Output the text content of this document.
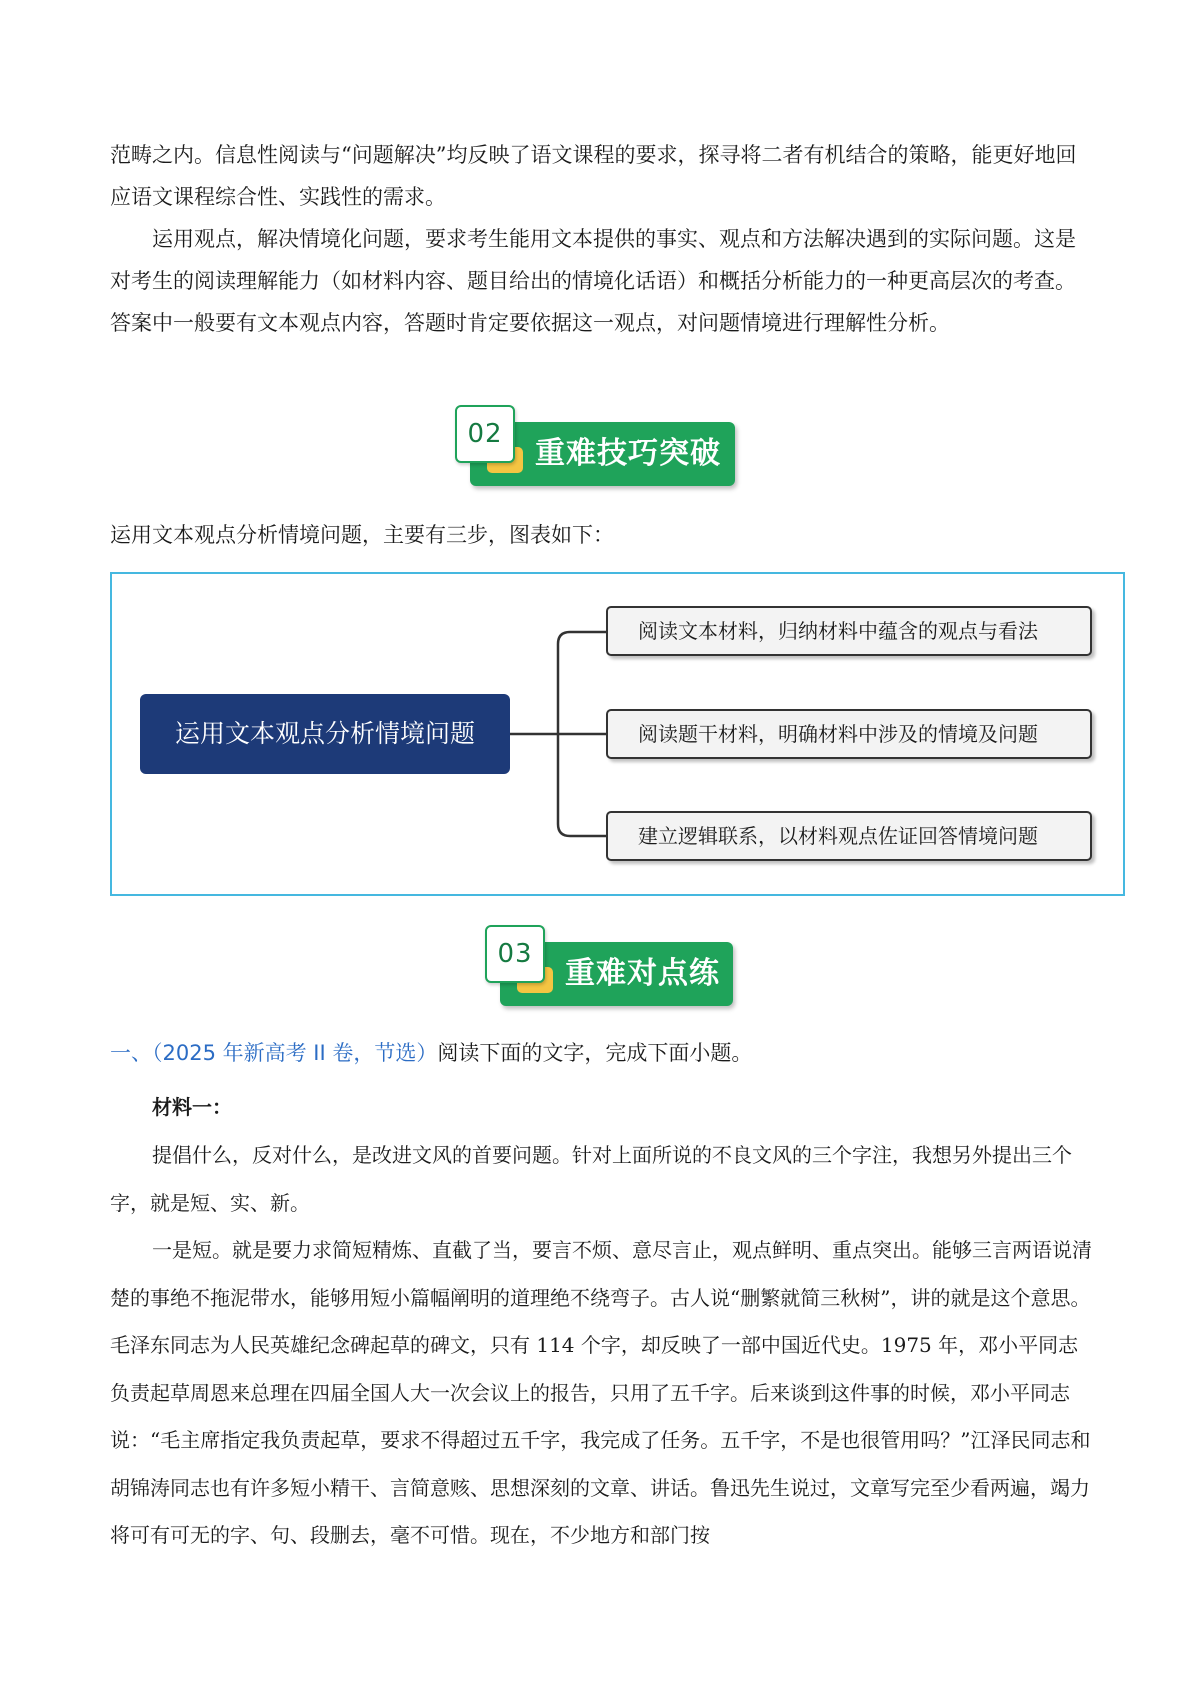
范畴之内。信息性阅读与“问题解决”均反映了语文课程的要求，探寻将二者有机结合的策略，能更好地回应语文课程综合性、实践性的需求。

运用观点，解决情境化问题，要求考生能用文本提供的事实、观点和方法解决遇到的实际问题。这是对考生的阅读理解能力（如材料内容、题目给出的情境化话语）和概括分析能力的一种更高层次的考查。答案中一般要有文本观点内容，答题时肯定要依据这一观点，对问题情境进行理解性分析。

02
重难技巧突破

运用文本观点分析情境问题，主要有三步，图表如下：

运用文本观点分析情境问题
阅读文本材料，归纳材料中蕴含的观点与看法
阅读题干材料，明确材料中涉及的情境及问题
建立逻辑联系，以材料观点佐证回答情境问题
03
重难对点练
一、（2025 年新高考 II 卷，节选）阅读下面的文字，完成下面小题。
材料一：

提倡什么，反对什么，是改进文风的首要问题。针对上面所说的不良文风的三个字注，我想另外提出三个字，就是短、实、新。

一是短。就是要力求简短精炼、直截了当，要言不烦、意尽言止，观点鲜明、重点突出。能够三言两语说清楚的事绝不拖泥带水，能够用短小篇幅阐明的道理绝不绕弯子。古人说“删繁就简三秋树”，讲的就是这个意思。毛泽东同志为人民英雄纪念碑起草的碑文，只有 114 个字，却反映了一部中国近代史。1975 年，邓小平同志负责起草周恩来总理在四届全国人大一次会议上的报告，只用了五千字。后来谈到这件事的时候，邓小平同志说：“毛主席指定我负责起草，要求不得超过五千字，我完成了任务。五千字，不是也很管用吗？”江泽民同志和胡锦涛同志也有许多短小精干、言简意赅、思想深刻的文章、讲话。鲁迅先生说过，文章写完至少看两遍，竭力将可有可无的字、句、段删去，毫不可惜。现在，不少地方和部门按
